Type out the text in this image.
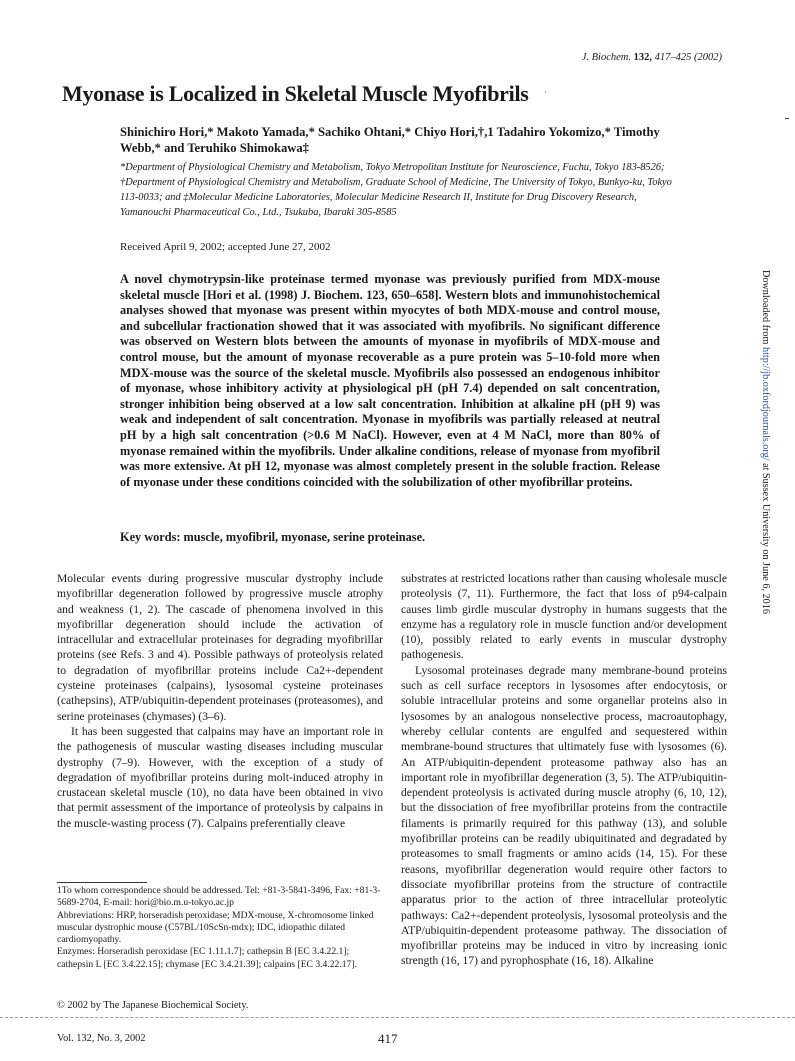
J. Biochem. 132, 417–425 (2002)
Myonase is Localized in Skeletal Muscle Myofibrils ·
Shinichiro Hori,* Makoto Yamada,* Sachiko Ohtani,* Chiyo Hori,†,1 Tadahiro Yokomizo,* Timothy Webb,* and Teruhiko Shimokawa‡
*Department of Physiological Chemistry and Metabolism, Tokyo Metropolitan Institute for Neuroscience, Fuchu, Tokyo 183-8526; †Department of Physiological Chemistry and Metabolism, Graduate School of Medicine, The University of Tokyo, Bunkyo-ku, Tokyo 113-0033; and ‡Molecular Medicine Laboratories, Molecular Medicine Research II, Institute for Drug Discovery Research, Yamanouchi Pharmaceutical Co., Ltd., Tsukuba, Ibaraki 305-8585
Received April 9, 2002; accepted June 27, 2002
A novel chymotrypsin-like proteinase termed myonase was previously purified from MDX-mouse skeletal muscle [Hori et al. (1998) J. Biochem. 123, 650–658]. Western blots and immunohistochemical analyses showed that myonase was present within myocytes of both MDX-mouse and control mouse, and subcellular fractionation showed that it was associated with myofibrils. No significant difference was observed on Western blots between the amounts of myonase in myofibrils of MDX-mouse and control mouse, but the amount of myonase recoverable as a pure protein was 5–10-fold more when MDX-mouse was the source of the skeletal muscle. Myofibrils also possessed an endogenous inhibitor of myonase, whose inhibitory activity at physiological pH (pH 7.4) depended on salt concentration, stronger inhibition being observed at a low salt concentration. Inhibition at alkaline pH (pH 9) was weak and independent of salt concentration. Myonase in myofibrils was partially released at neutral pH by a high salt concentration (>0.6 M NaCl). However, even at 4 M NaCl, more than 80% of myonase remained within the myofibrils. Under alkaline conditions, release of myonase from myofibril was more extensive. At pH 12, myonase was almost completely present in the soluble fraction. Release of myonase under these conditions coincided with the solubilization of other myofibrillar proteins.
Key words: muscle, myofibril, myonase, serine proteinase.

Molecular events during progressive muscular dystrophy include myofibrillar degeneration followed by progressive muscle atrophy and weakness (1, 2). The cascade of phenomena involved in this myofibrillar degeneration should include the activation of intracellular and extracellular proteinases for degrading myofibrillar proteins (see Refs. 3 and 4). Possible pathways of proteolysis related to degradation of myofibrillar proteins include Ca2+-dependent cysteine proteinases (calpains), lysosomal cysteine proteinases (cathepsins), ATP/ubiquitin-dependent proteinases (proteasomes), and serine proteinases (chymases) (3–6).

It has been suggested that calpains may have an important role in the pathogenesis of muscular wasting diseases including muscular dystrophy (7–9). However, with the exception of a study of degradation of myofibrillar proteins during molt-induced atrophy in crustacean skeletal muscle (10), no data have been obtained in vivo that permit assessment of the importance of proteolysis by calpains in the muscle-wasting process (7). Calpains preferentially cleave

substrates at restricted locations rather than causing wholesale muscle proteolysis (7, 11). Furthermore, the fact that loss of p94-calpain causes limb girdle muscular dystrophy in humans suggests that the enzyme has a regulatory role in muscle function and/or development (10), possibly related to early events in muscular dystrophy pathogenesis.

Lysosomal proteinases degrade many membrane-bound proteins such as cell surface receptors in lysosomes after endocytosis, or soluble intracellular proteins and some organellar proteins also in lysosomes by an analogous nonselective process, macroautophagy, whereby cellular contents are engulfed and sequestered within membrane-bound structures that ultimately fuse with lysosomes (6). An ATP/ubiquitin-dependent proteasome pathway also has an important role in myofibrillar degeneration (3, 5). The ATP/ubiquitin-dependent proteolysis is activated during muscle atrophy (6, 10, 12), but the dissociation of free myofibrillar proteins from the contractile filaments is primarily required for this pathway (13), and soluble myofibrillar proteins can be readily ubiquitinated and degradated by proteasomes to small fragments or amino acids (14, 15). For these reasons, myofibrillar degeneration would require other factors to dissociate myofibrillar proteins from the structure of contractile apparatus prior to the action of three intracellular proteolytic pathways: Ca2+-dependent proteolysis, lysosomal proteolysis and the ATP/ubiquitin-dependent proteasome pathway. The dissociation of myofibrillar proteins may be induced in vitro by increasing ionic strength (16, 17) and pyrophosphate (16, 18). Alkaline

1To whom correspondence should be addressed. Tel: +81-3-5841-3496, Fax: +81-3-5689-2704, E-mail: hori@bio.m.u-tokyo.ac.jp
Abbreviations: HRP, horseradish peroxidase; MDX-mouse, X-chromosome linked muscular dystrophic mouse (C57BL/10ScSn-mdx); IDC, idiopathic dilated cardiomyopathy.
Enzymes: Horseradish peroxidase [EC 1.11.1.7]; cathepsin B [EC 3.4.22.1]; cathepsin L [EC 3.4.22.15]; chymase [EC 3.4.21.39]; calpains [EC 3.4.22.17].
© 2002 by The Japanese Biochemical Society.
Vol. 132, No. 3, 2002	417
Downloaded from http://jb.oxfordjournals.org/ at Sussex University on June 6, 2016
